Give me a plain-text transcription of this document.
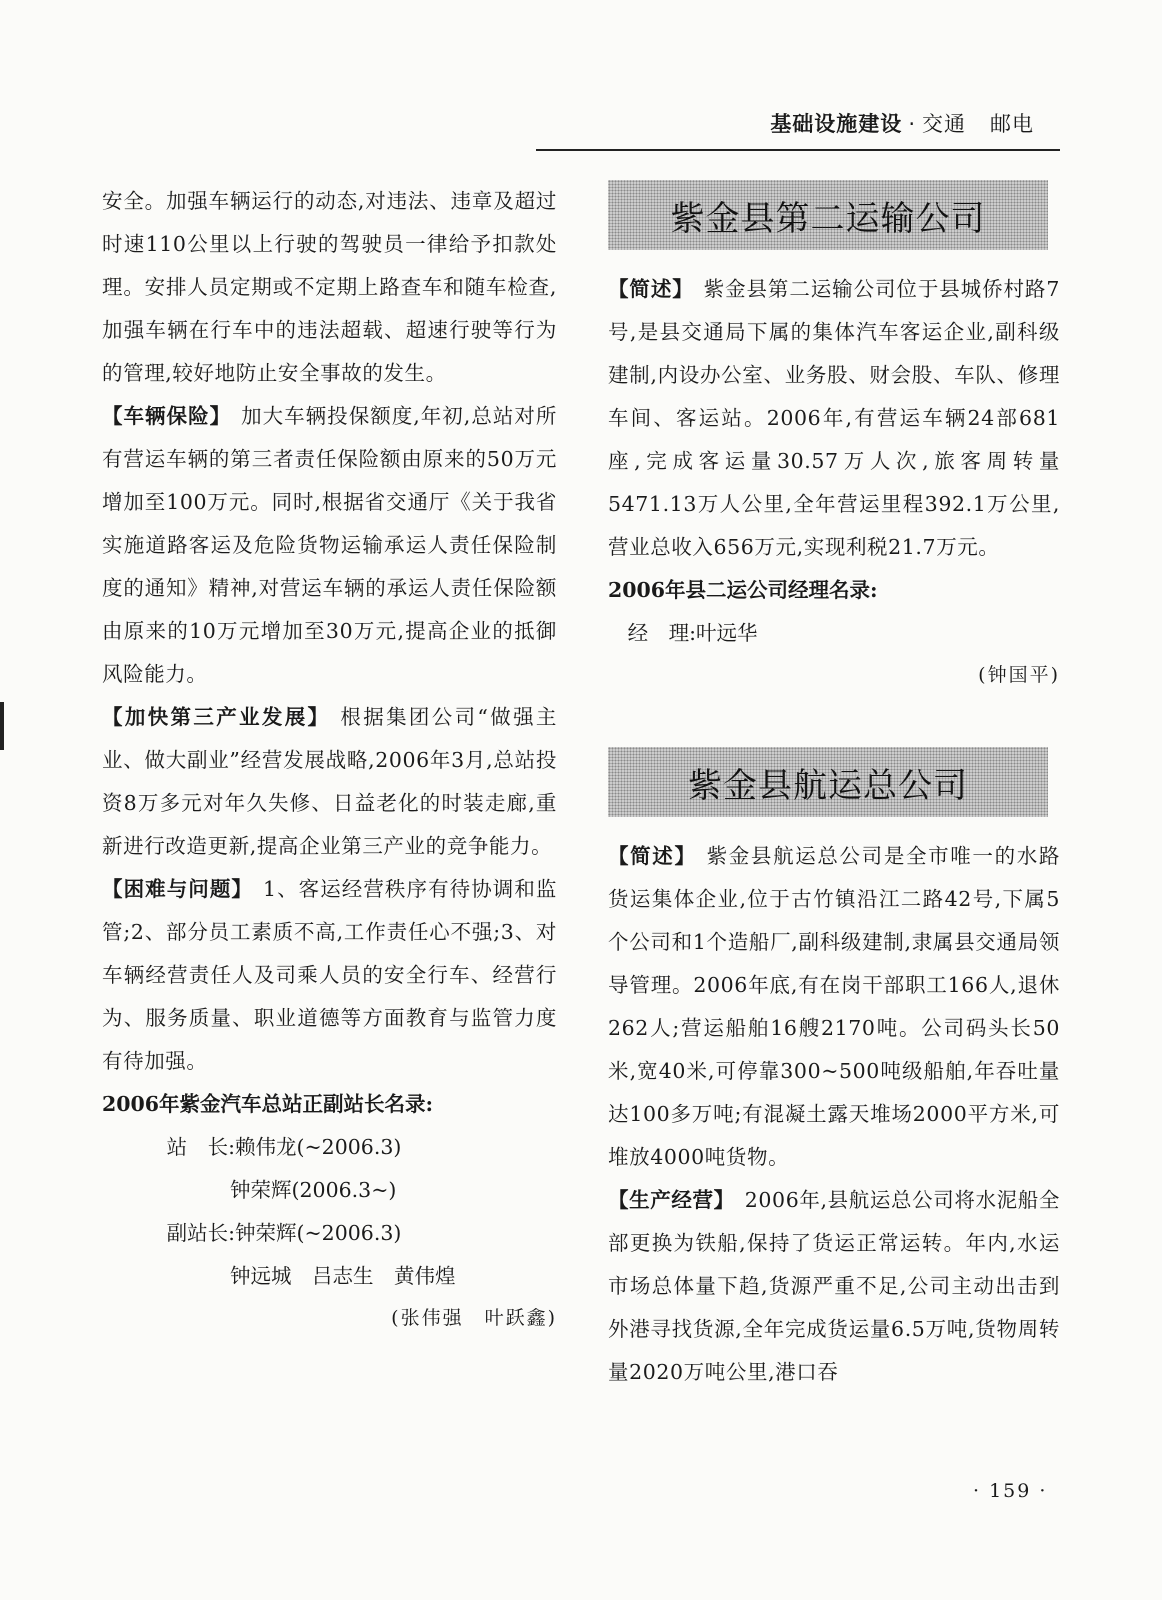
基础设施建设 · 交通 邮电

安全。加强车辆运行的动态,对违法、违章及超过时速110公里以上行驶的驾驶员一律给予扣款处理。安排人员定期或不定期上路查车和随车检查,加强车辆在行车中的违法超载、超速行驶等行为的管理,较好地防止安全事故的发生。

【车辆保险】 加大车辆投保额度,年初,总站对所有营运车辆的第三者责任保险额由原来的50万元增加至100万元。同时,根据省交通厅《关于我省实施道路客运及危险货物运输承运人责任保险制度的通知》精神,对营运车辆的承运人责任保险额由原来的10万元增加至30万元,提高企业的抵御风险能力。

【加快第三产业发展】 根据集团公司“做强主业、做大副业”经营发展战略,2006年3月,总站投资8万多元对年久失修、日益老化的时装走廊,重新进行改造更新,提高企业第三产业的竞争能力。

【困难与问题】 1、客运经营秩序有待协调和监管;2、部分员工素质不高,工作责任心不强;3、对车辆经营责任人及司乘人员的安全行车、经营行为、服务质量、职业道德等方面教育与监管力度有待加强。

2006年紫金汽车总站正副站长名录:
站　长: 赖伟龙(~2006.3)
钟荣辉(2006.3~)
副站长: 钟荣辉(~2006.3)
钟远城　吕志生　黄伟煌
(张伟强　叶跃鑫)
紫金县第二运输公司

【简述】 紫金县第二运输公司位于县城侨村路7号,是县交通局下属的集体汽车客运企业,副科级建制,内设办公室、业务股、财会股、车队、修理车间、客运站。2006年,有营运车辆24部681座,完成客运量30.57万人次,旅客周转量5471.13万人公里,全年营运里程392.1万公里,营业总收入656万元,实现利税21.7万元。

2006年县二运公司经理名录:
经　理: 叶远华
(钟国平)
紫金县航运总公司

【简述】 紫金县航运总公司是全市唯一的水路货运集体企业,位于古竹镇沿江二路42号,下属5个公司和1个造船厂,副科级建制,隶属县交通局领导管理。2006年底,有在岗干部职工166人,退休262人;营运船舶16艘2170吨。公司码头长50米,宽40米,可停靠300~500吨级船舶,年吞吐量达100多万吨;有混凝土露天堆场2000平方米,可堆放4000吨货物。

【生产经营】 2006年,县航运总公司将水泥船全部更换为铁船,保持了货运正常运转。年内,水运市场总体量下趋,货源严重不足,公司主动出击到外港寻找货源,全年完成货运量6.5万吨,货物周转量2020万吨公里,港口吞

· 159 ·
